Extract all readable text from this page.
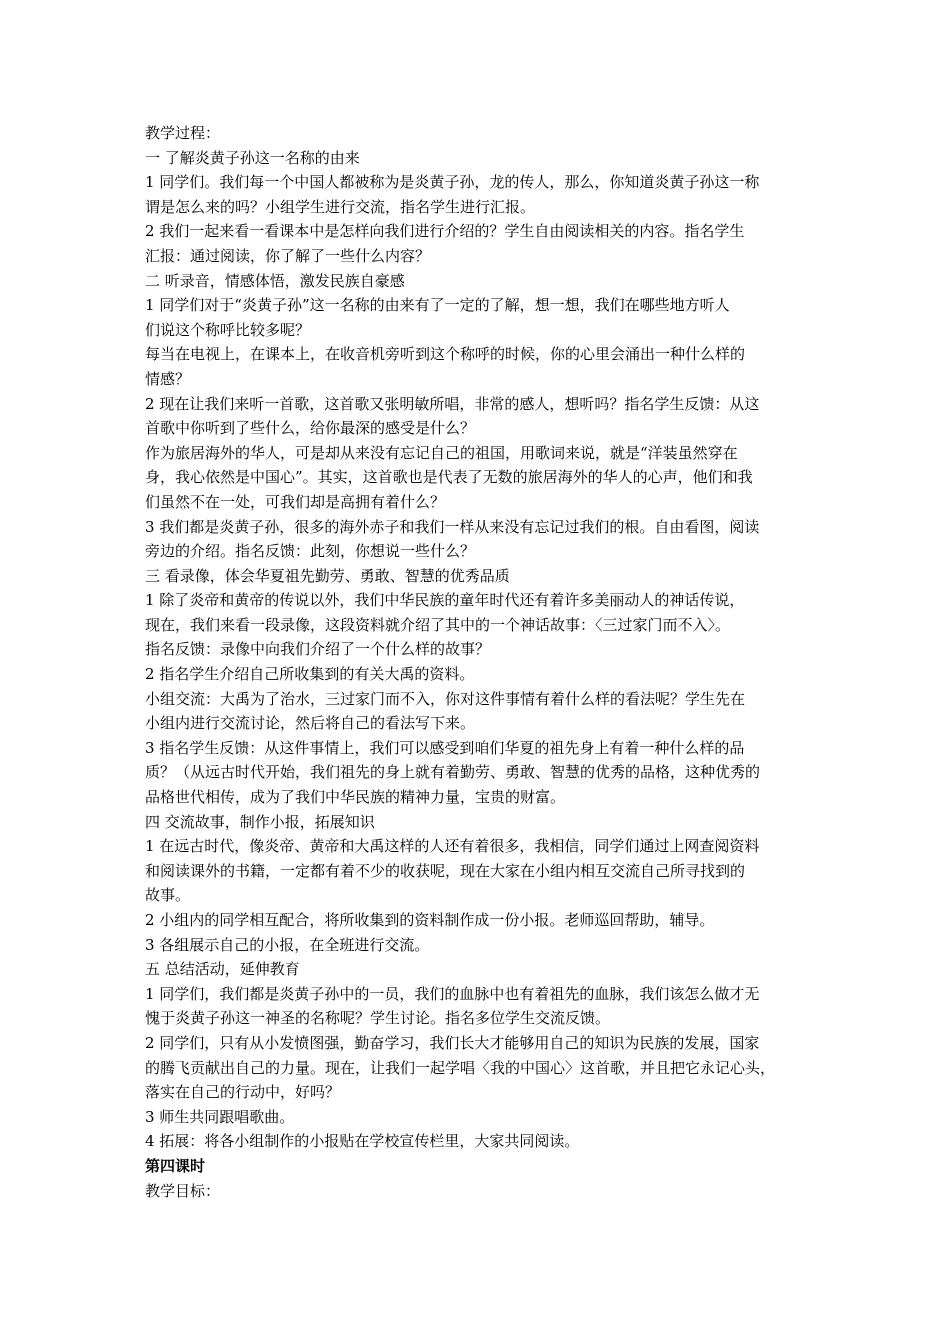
教学过程：

一 了解炎黄子孙这一名称的由来

1 同学们。我们每一个中国人都被称为是炎黄子孙，龙的传人，那么，你知道炎黄子孙这一称

谓是怎么来的吗？小组学生进行交流，指名学生进行汇报。

2 我们一起来看一看课本中是怎样向我们进行介绍的？学生自由阅读相关的内容。指名学生

汇报：通过阅读，你了解了一些什么内容？

二 听录音，情感体悟，激发民族自豪感

1 同学们对于“炎黄子孙”这一名称的由来有了一定的了解，想一想，我们在哪些地方听人

们说这个称呼比较多呢？

每当在电视上，在课本上，在收音机旁听到这个称呼的时候，你的心里会涌出一种什么样的

情感？

2 现在让我们来听一首歌，这首歌又张明敏所唱，非常的感人，想听吗？指名学生反馈：从这

首歌中你听到了些什么，给你最深的感受是什么？

作为旅居海外的华人，可是却从来没有忘记自己的祖国，用歌词来说，就是“洋装虽然穿在

身，我心依然是中国心”。其实，这首歌也是代表了无数的旅居海外的华人的心声，他们和我

们虽然不在一处，可我们却是高拥有着什么？

3 我们都是炎黄子孙，很多的海外赤子和我们一样从来没有忘记过我们的根。自由看图，阅读

旁边的介绍。指名反馈：此刻，你想说一些什么？

三 看录像，体会华夏祖先勤劳、勇敢、智慧的优秀品质

1 除了炎帝和黄帝的传说以外，我们中华民族的童年时代还有着许多美丽动人的神话传说，

现在，我们来看一段录像，这段资料就介绍了其中的一个神话故事：〈三过家门而不入〉。

指名反馈：录像中向我们介绍了一个什么样的故事？

2 指名学生介绍自己所收集到的有关大禹的资料。

小组交流：大禹为了治水，三过家门而不入，你对这件事情有着什么样的看法呢？学生先在

小组内进行交流讨论，然后将自己的看法写下来。

3 指名学生反馈：从这件事情上，我们可以感受到咱们华夏的祖先身上有着一种什么样的品

质？（从远古时代开始，我们祖先的身上就有着勤劳、勇敢、智慧的优秀的品格，这种优秀的

品格世代相传，成为了我们中华民族的精神力量，宝贵的财富。

四 交流故事，制作小报，拓展知识

1 在远古时代，像炎帝、黄帝和大禹这样的人还有着很多，我相信，同学们通过上网查阅资料

和阅读课外的书籍，一定都有着不少的收获呢，现在大家在小组内相互交流自己所寻找到的

故事。

2 小组内的同学相互配合，将所收集到的资料制作成一份小报。老师巡回帮助，辅导。

3 各组展示自己的小报，在全班进行交流。

五 总结活动，延伸教育

1 同学们，我们都是炎黄子孙中的一员，我们的血脉中也有着祖先的血脉，我们该怎么做才无

愧于炎黄子孙这一神圣的名称呢？学生讨论。指名多位学生交流反馈。

2 同学们，只有从小发愤图强，勤奋学习，我们长大才能够用自己的知识为民族的发展，国家

的腾飞贡献出自己的力量。现在，让我们一起学唱〈我的中国心〉这首歌，并且把它永记心头，

落实在自己的行动中，好吗？

3 师生共同跟唱歌曲。

4 拓展：将各小组制作的小报贴在学校宣传栏里，大家共同阅读。

第四课时

教学目标：
